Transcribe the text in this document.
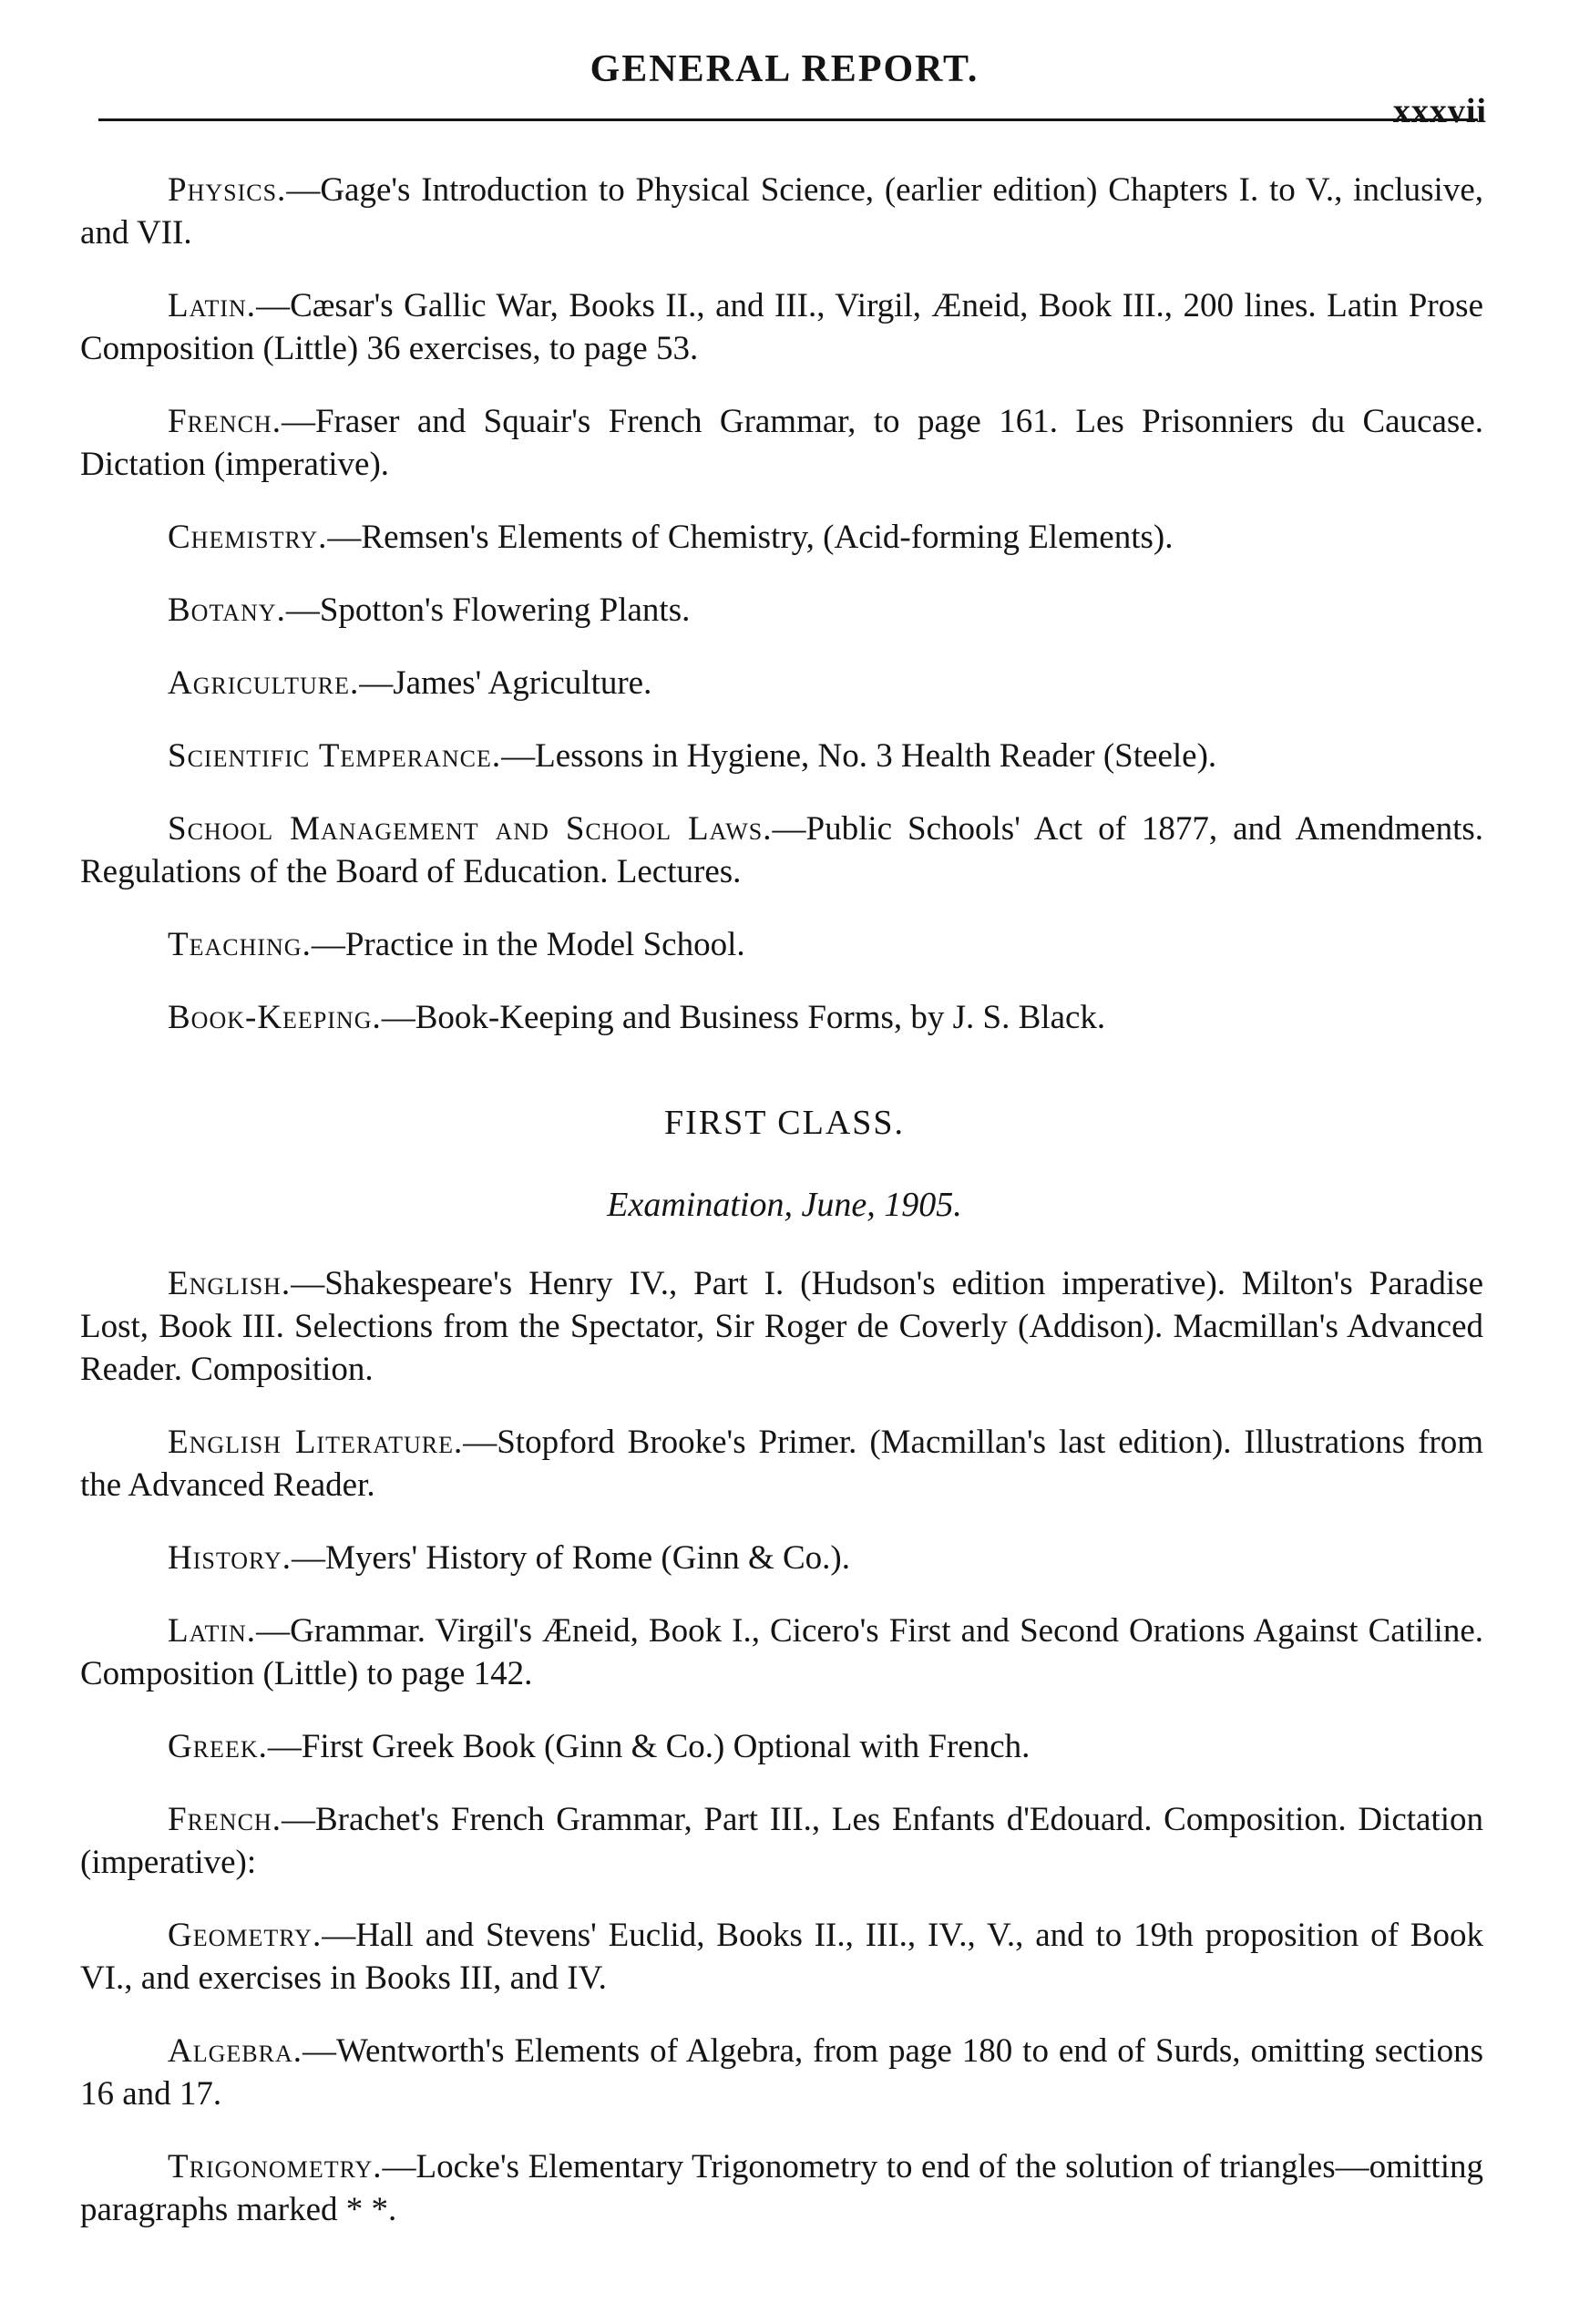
GENERAL REPORT.
xxxvii

Physics.—Gage's Introduction to Physical Science, (earlier edition) Chapters I. to V., inclusive, and VII.

Latin.—Cæsar's Gallic War, Books II., and III., Virgil, Æneid, Book III., 200 lines. Latin Prose Composition (Little) 36 exercises, to page 53.

French.—Fraser and Squair's French Grammar, to page 161. Les Prisonniers du Caucase. Dictation (imperative).

Chemistry.—Remsen's Elements of Chemistry, (Acid-forming Elements).

Botany.—Spotton's Flowering Plants.

Agriculture.—James' Agriculture.

Scientific Temperance.—Lessons in Hygiene, No. 3 Health Reader (Steele).

School Management and School Laws.—Public Schools' Act of 1877, and Amendments. Regulations of the Board of Education. Lectures.

Teaching.—Practice in the Model School.

Book-Keeping.—Book-Keeping and Business Forms, by J. S. Black.

FIRST CLASS.
Examination, June, 1905.

English.—Shakespeare's Henry IV., Part I. (Hudson's edition imperative). Milton's Paradise Lost, Book III. Selections from the Spectator, Sir Roger de Coverly (Addison). Macmillan's Advanced Reader. Composition.

English Literature.—Stopford Brooke's Primer. (Macmillan's last edition). Illustrations from the Advanced Reader.

History.—Myers' History of Rome (Ginn & Co.).

Latin.—Grammar. Virgil's Æneid, Book I., Cicero's First and Second Orations Against Catiline. Composition (Little) to page 142.

Greek.—First Greek Book (Ginn & Co.) Optional with French.

French.—Brachet's French Grammar, Part III., Les Enfants d'Edouard. Composition. Dictation (imperative):

Geometry.—Hall and Stevens' Euclid, Books II., III., IV., V., and to 19th proposition of Book VI., and exercises in Books III, and IV.

Algebra.—Wentworth's Elements of Algebra, from page 180 to end of Surds, omitting sections 16 and 17.

Trigonometry.—Locke's Elementary Trigonometry to end of the solution of triangles—omitting paragraphs marked * *.
